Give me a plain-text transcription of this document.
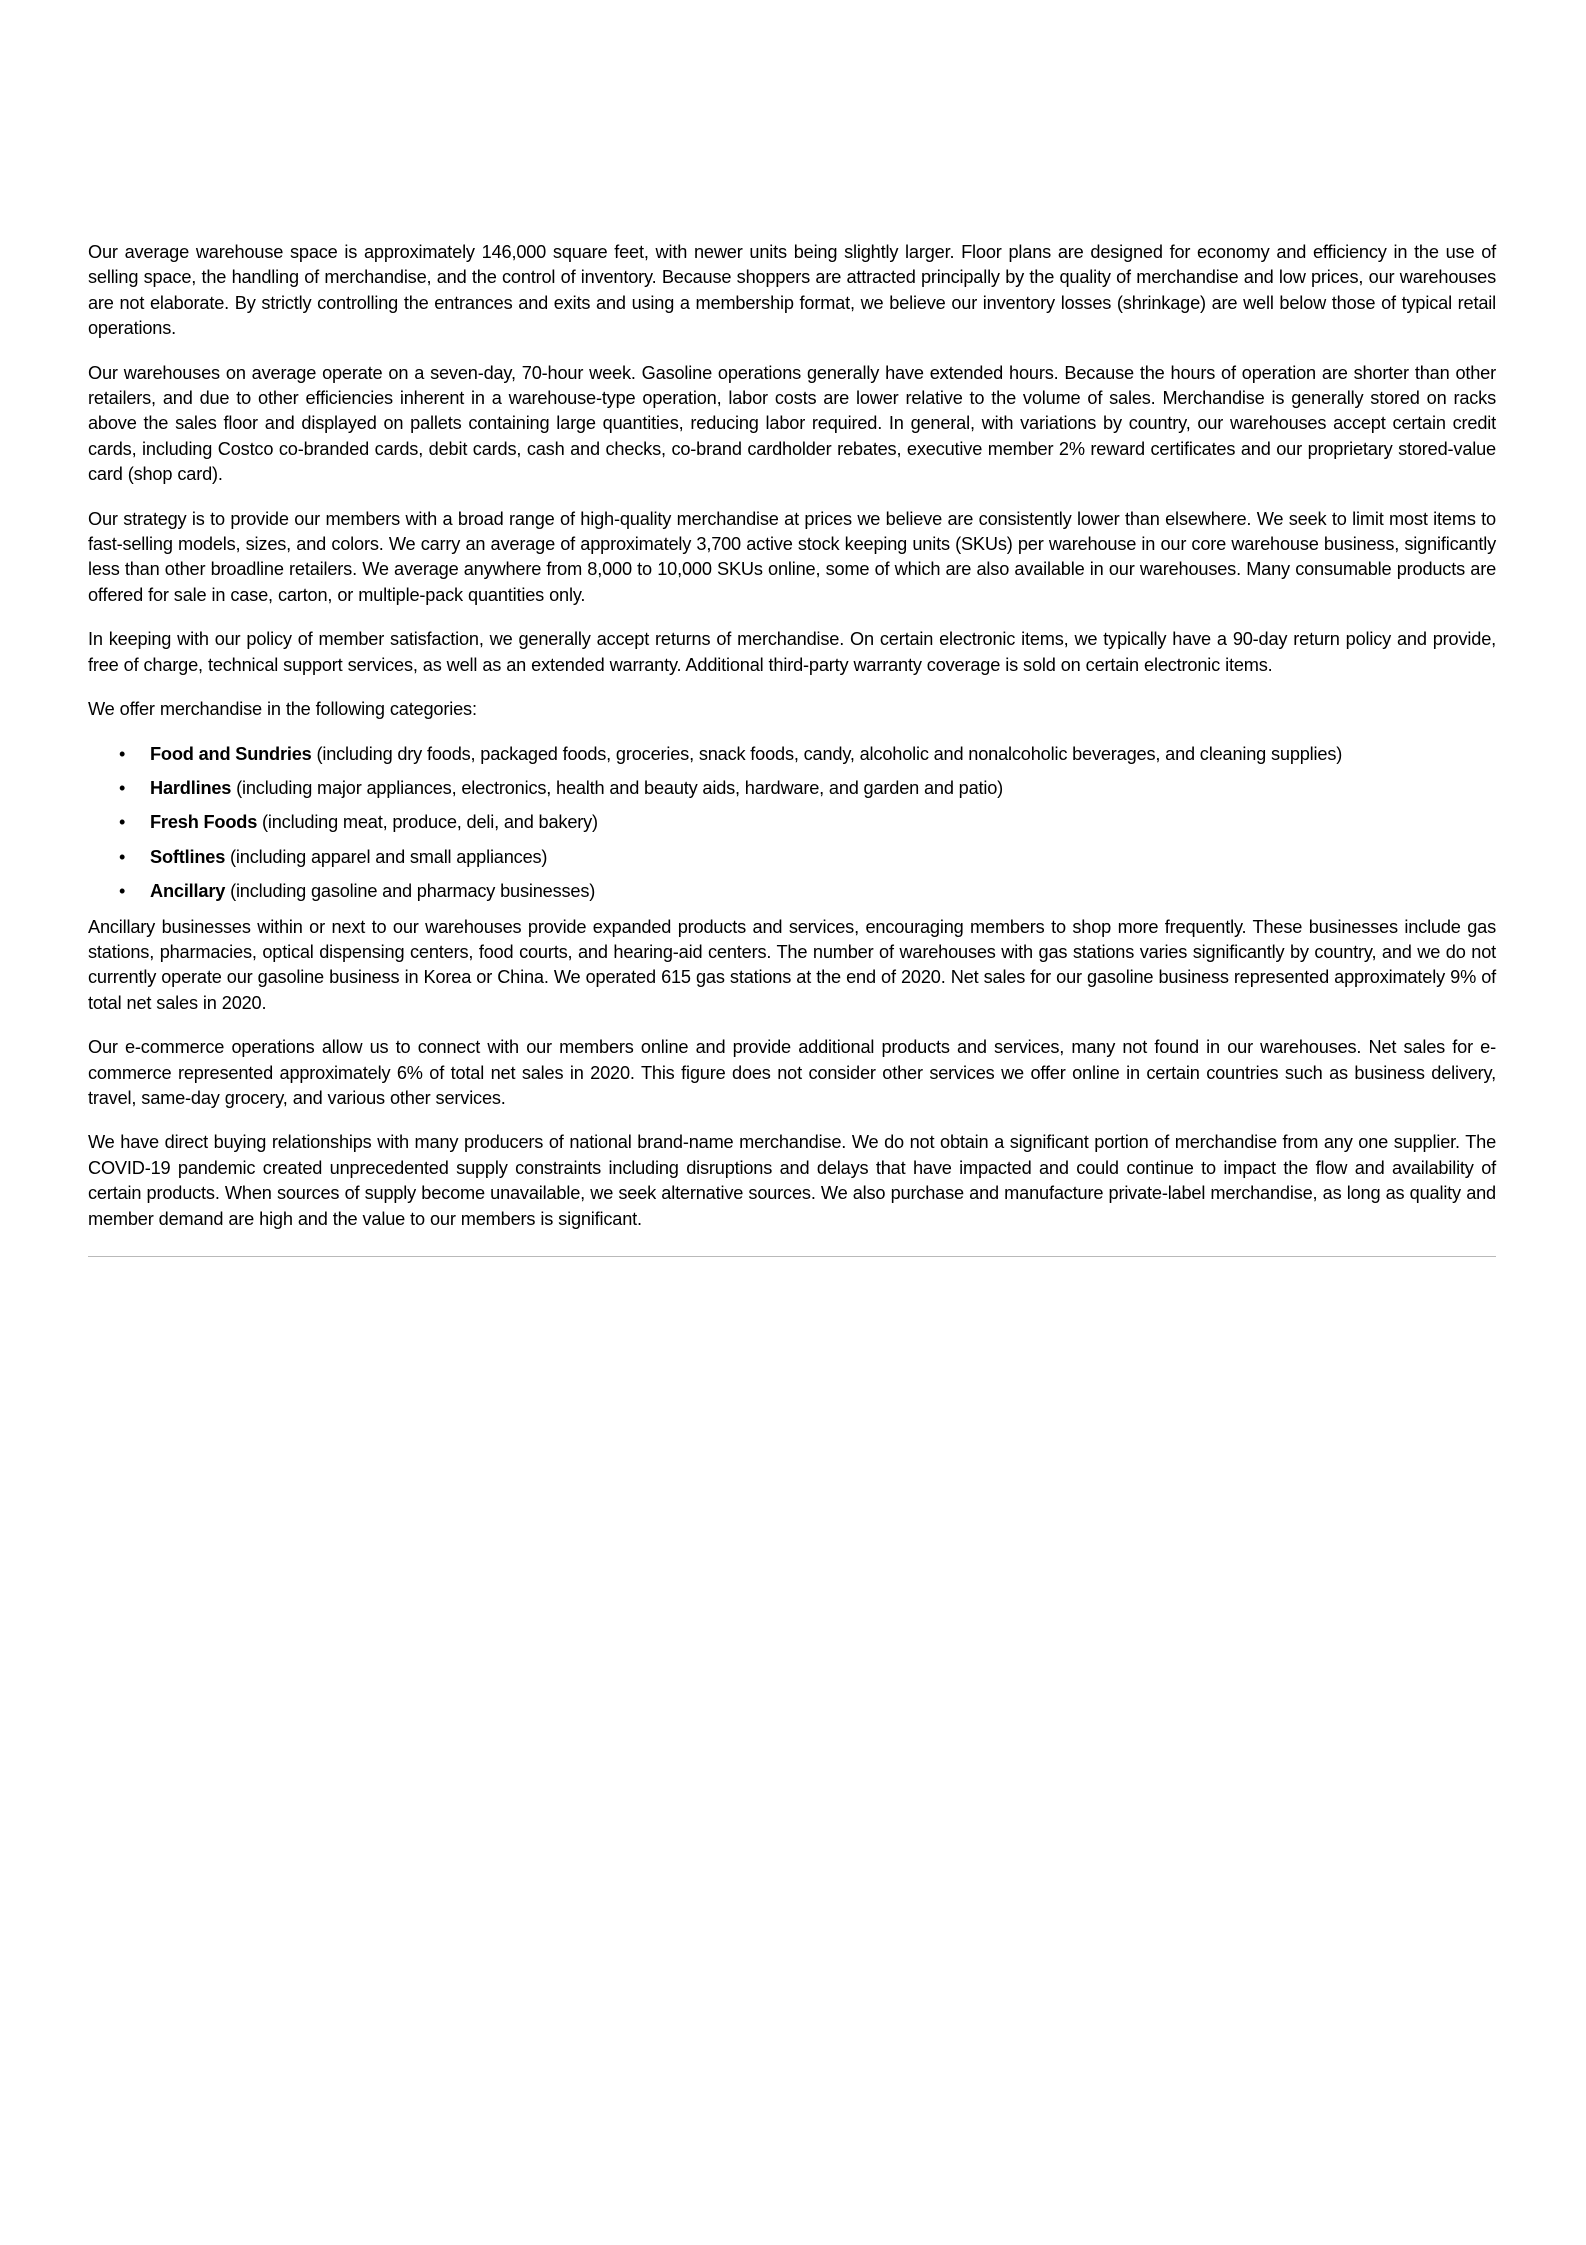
Our average warehouse space is approximately 146,000 square feet, with newer units being slightly larger. Floor plans are designed for economy and efficiency in the use of selling space, the handling of merchandise, and the control of inventory. Because shoppers are attracted principally by the quality of merchandise and low prices, our warehouses are not elaborate. By strictly controlling the entrances and exits and using a membership format, we believe our inventory losses (shrinkage) are well below those of typical retail operations.

Our warehouses on average operate on a seven-day, 70-hour week. Gasoline operations generally have extended hours. Because the hours of operation are shorter than other retailers, and due to other efficiencies inherent in a warehouse-type operation, labor costs are lower relative to the volume of sales. Merchandise is generally stored on racks above the sales floor and displayed on pallets containing large quantities, reducing labor required. In general, with variations by country, our warehouses accept certain credit cards, including Costco co-branded cards, debit cards, cash and checks, co-brand cardholder rebates, executive member 2% reward certificates and our proprietary stored-value card (shop card).

Our strategy is to provide our members with a broad range of high-quality merchandise at prices we believe are consistently lower than elsewhere. We seek to limit most items to fast-selling models, sizes, and colors. We carry an average of approximately 3,700 active stock keeping units (SKUs) per warehouse in our core warehouse business, significantly less than other broadline retailers. We average anywhere from 8,000 to 10,000 SKUs online, some of which are also available in our warehouses. Many consumable products are offered for sale in case, carton, or multiple-pack quantities only.

In keeping with our policy of member satisfaction, we generally accept returns of merchandise. On certain electronic items, we typically have a 90-day return policy and provide, free of charge, technical support services, as well as an extended warranty. Additional third-party warranty coverage is sold on certain electronic items.

We offer merchandise in the following categories:

• Food and Sundries (including dry foods, packaged foods, groceries, snack foods, candy, alcoholic and nonalcoholic beverages, and cleaning supplies)
• Hardlines (including major appliances, electronics, health and beauty aids, hardware, and garden and patio)
• Fresh Foods (including meat, produce, deli, and bakery)
• Softlines (including apparel and small appliances)
• Ancillary (including gasoline and pharmacy businesses)

Ancillary businesses within or next to our warehouses provide expanded products and services, encouraging members to shop more frequently. These businesses include gas stations, pharmacies, optical dispensing centers, food courts, and hearing-aid centers. The number of warehouses with gas stations varies significantly by country, and we do not currently operate our gasoline business in Korea or China. We operated 615 gas stations at the end of 2020. Net sales for our gasoline business represented approximately 9% of total net sales in 2020.

Our e-commerce operations allow us to connect with our members online and provide additional products and services, many not found in our warehouses. Net sales for e-commerce represented approximately 6% of total net sales in 2020. This figure does not consider other services we offer online in certain countries such as business delivery, travel, same-day grocery, and various other services.

We have direct buying relationships with many producers of national brand-name merchandise. We do not obtain a significant portion of merchandise from any one supplier. The COVID-19 pandemic created unprecedented supply constraints including disruptions and delays that have impacted and could continue to impact the flow and availability of certain products. When sources of supply become unavailable, we seek alternative sources. We also purchase and manufacture private-label merchandise, as long as quality and member demand are high and the value to our members is significant.
